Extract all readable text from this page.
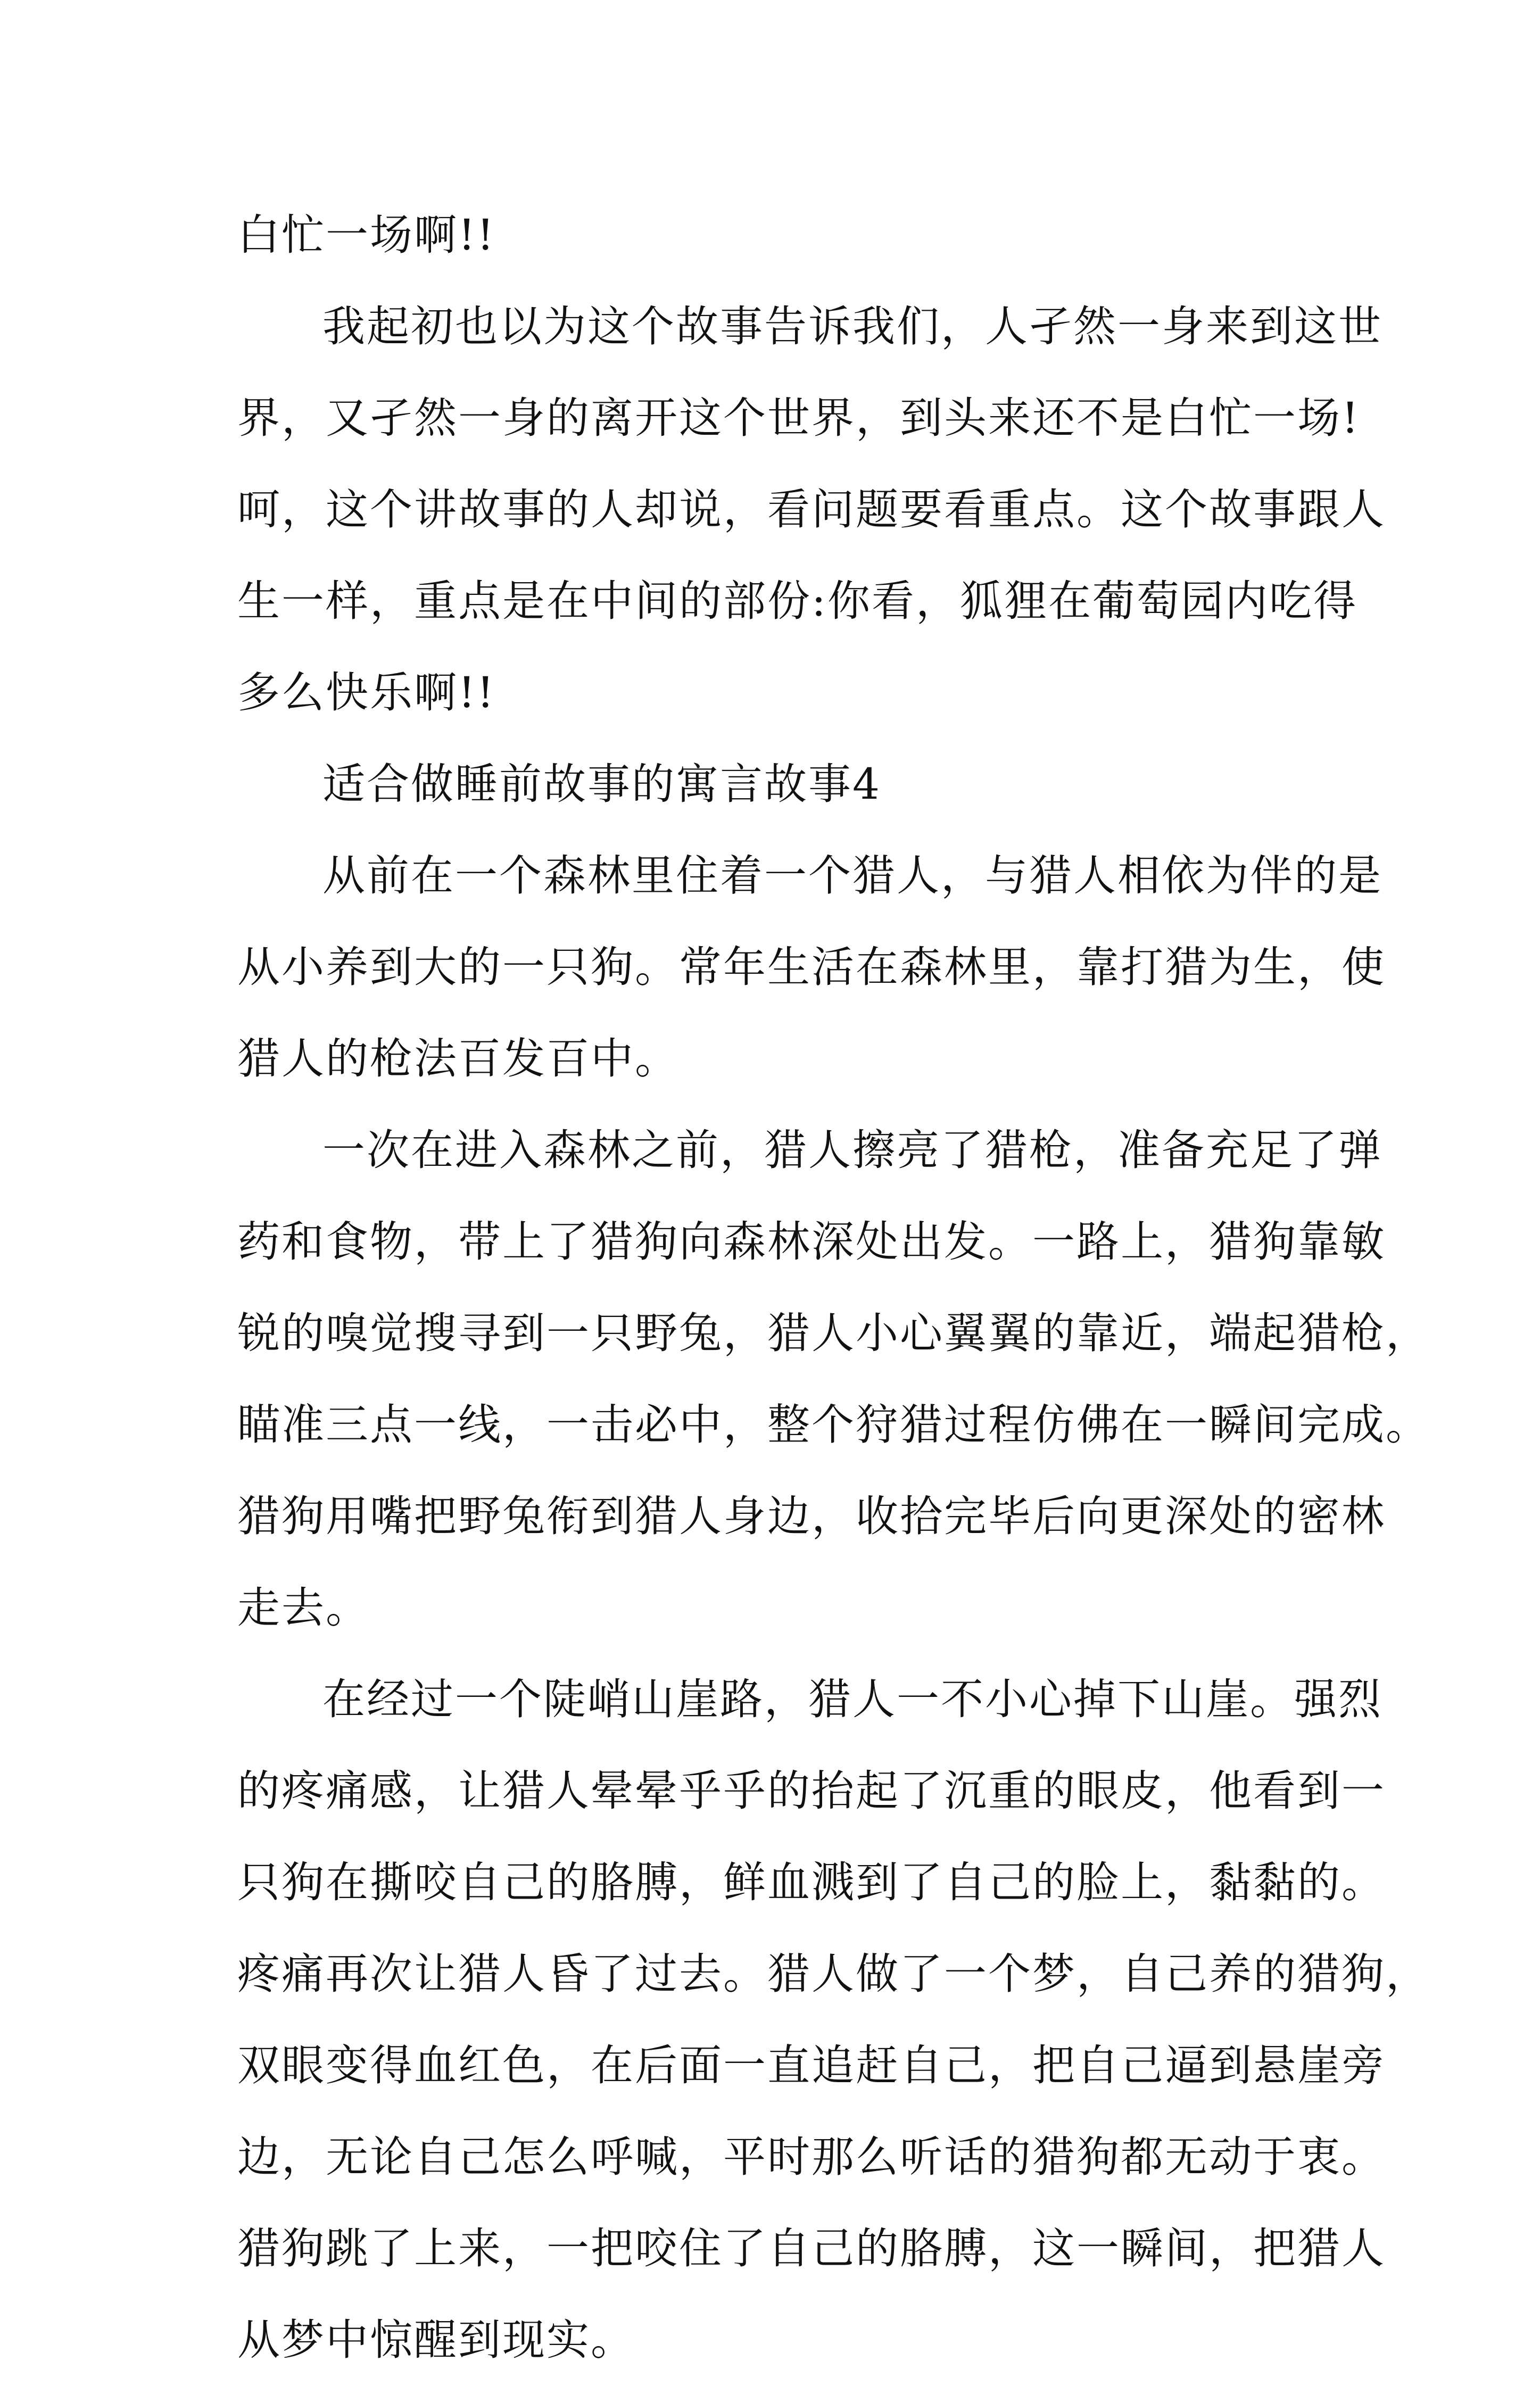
白忙一场啊!!
我起初也以为这个故事告诉我们，人孑然一身来到这世
界，又孑然一身的离开这个世界，到头来还不是白忙一场!
呵，这个讲故事的人却说，看问题要看重点。这个故事跟人
生一样，重点是在中间的部份:你看，狐狸在葡萄园内吃得
多么快乐啊!!
适合做睡前故事的寓言故事4
从前在一个森林里住着一个猎人，与猎人相依为伴的是
从小养到大的一只狗。常年生活在森林里，靠打猎为生，使
猎人的枪法百发百中。
一次在进入森林之前，猎人擦亮了猎枪，准备充足了弹
药和食物，带上了猎狗向森林深处出发。一路上，猎狗靠敏
锐的嗅觉搜寻到一只野兔，猎人小心翼翼的靠近，端起猎枪，
瞄准三点一线，一击必中，整个狩猎过程仿佛在一瞬间完成。
猎狗用嘴把野兔衔到猎人身边，收拾完毕后向更深处的密林
走去。
在经过一个陡峭山崖路，猎人一不小心掉下山崖。强烈
的疼痛感，让猎人晕晕乎乎的抬起了沉重的眼皮，他看到一
只狗在撕咬自己的胳膊，鲜血溅到了自己的脸上，黏黏的。
疼痛再次让猎人昏了过去。猎人做了一个梦，自己养的猎狗，
双眼变得血红色，在后面一直追赶自己，把自己逼到悬崖旁
边，无论自己怎么呼喊，平时那么听话的猎狗都无动于衷。
猎狗跳了上来，一把咬住了自己的胳膊，这一瞬间，把猎人
从梦中惊醒到现实。
